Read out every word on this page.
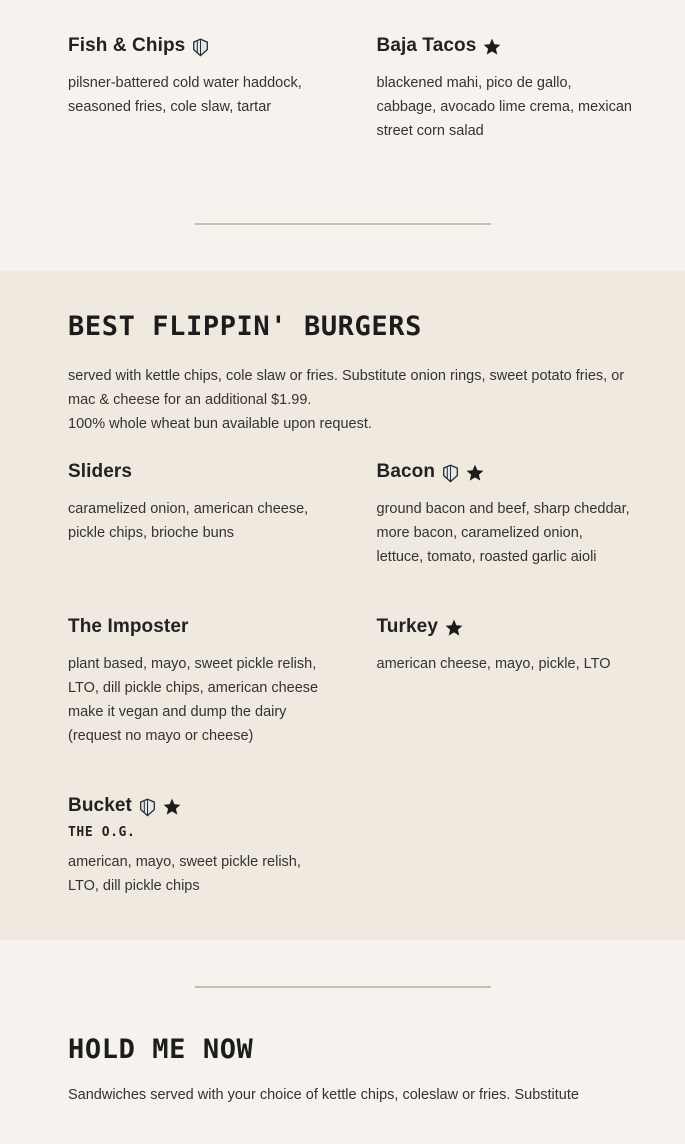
Fish & Chips

pilsner-battered cold water haddock, seasoned fries, cole slaw, tartar

Baja Tacos

blackened mahi, pico de gallo, cabbage, avocado lime crema, mexican street corn salad

BEST FLIPPIN' BURGERS

served with kettle chips, cole slaw or fries. Substitute onion rings, sweet potato fries, or mac & cheese for an additional $1.99.
100% whole wheat bun available upon request.

Sliders

caramelized onion, american cheese, pickle chips, brioche buns

Bacon

ground bacon and beef, sharp cheddar, more bacon, caramelized onion, lettuce, tomato, roasted garlic aioli

The Imposter

plant based, mayo, sweet pickle relish, LTO, dill pickle chips, american cheese
make it vegan and dump the dairy (request no mayo or cheese)

Turkey

american cheese, mayo, pickle, LTO

Bucket
THE O.G.

american, mayo, sweet pickle relish, LTO, dill pickle chips

HOLD ME NOW

Sandwiches served with your choice of kettle chips, coleslaw or fries. Substitute
